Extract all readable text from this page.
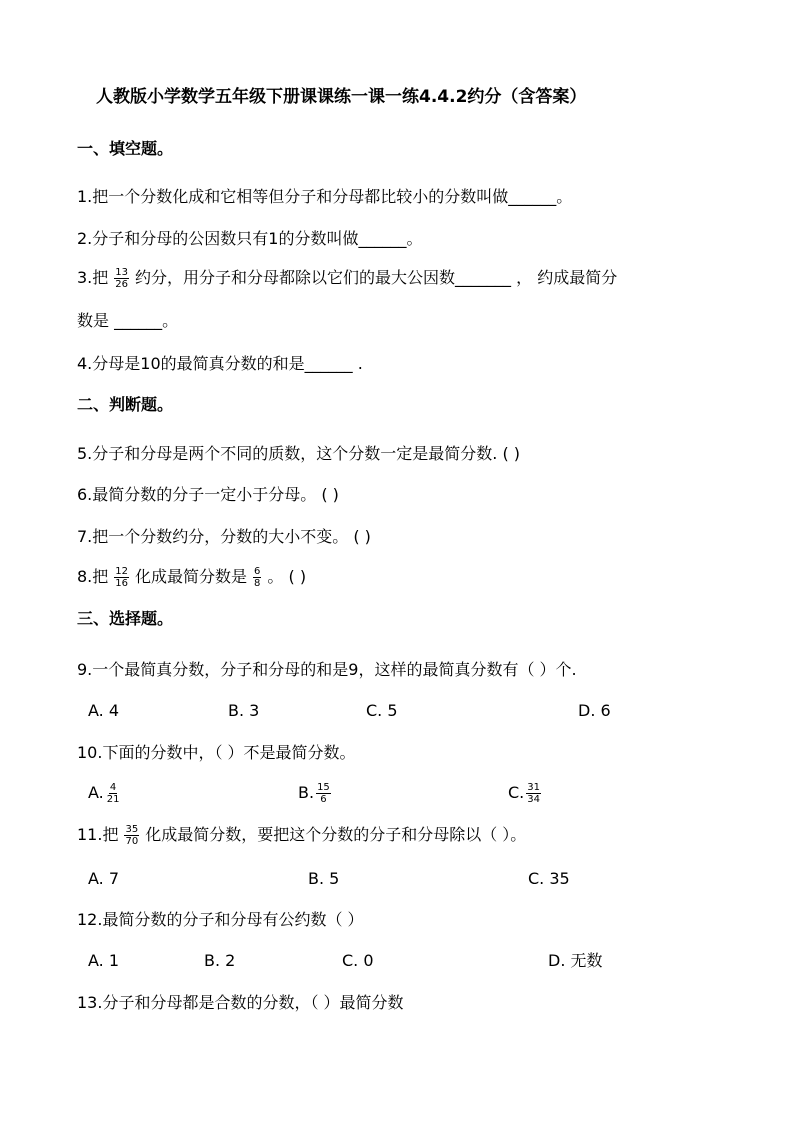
人教版小学数学五年级下册课课练一课一练4.4.2约分（含答案）
一、填空题。
1.把一个分数化成和它相等但分子和分母都比较小的分数叫做______。
2.分子和分母的公因数只有1的分数叫做______。
3.把 $\frac{13}{26}$ 约分，用分子和分母都除以它们的最大公因数_______ ， 约成最简分
数是 ______。
4.分母是10的最简真分数的和是______ .
二、判断题。
5.分子和分母是两个不同的质数，这个分数一定是最简分数. ( )
6.最简分数的分子一定小于分母。 ( )
7.把一个分数约分，分数的大小不变。 ( )
8.把 $\frac{12}{16}$ 化成最简分数是 $\frac{6}{8}$ 。 ( )
三、选择题。
9.一个最简真分数，分子和分母的和是9，这样的最简真分数有（ ）个.
A. 4	B. 3	C. 5	D. 6
10.下面的分数中，（ ）不是最简分数。
A. $\frac{4}{21}$	B. $\frac{15}{6}$	C. $\frac{31}{34}$
11.把 $\frac{35}{70}$ 化成最简分数，要把这个分数的分子和分母除以（ ）。
A. 7	B. 5	C. 35
12.最简分数的分子和分母有公约数（ ）
A. 1	B. 2	C. 0	D. 无数
13.分子和分母都是合数的分数，（ ）最简分数
